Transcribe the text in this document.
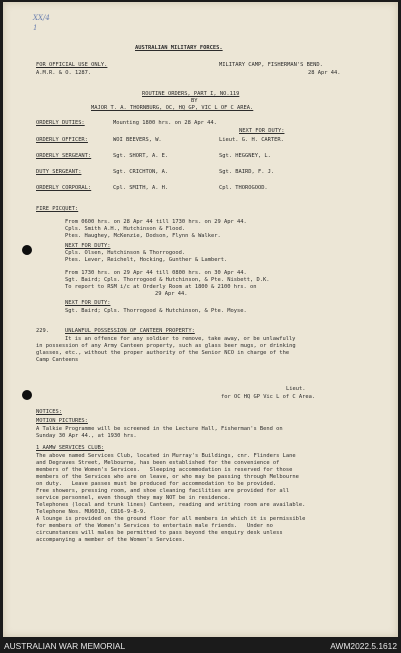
XX/4
1
AUSTRALIAN MILITARY FORCES.
FOR OFFICIAL USE ONLY.
A.M.R. & O. 1287.
MILITARY CAMP, FISHERMAN'S BEND.
28 Apr 44.
ROUTINE ORDERS, PART I, NO.119
BY
MAJOR T. A. THORNBURG, OC, HQ GP, VIC L OF C AREA.
ORDERLY DUTIES:	Mounting 1800 hrs. on 28 Apr 44.
NEXT FOR DUTY:
ORDERLY OFFICER:	WOI BEEVERS, W.	Lieut. G. H. CARTER.
ORDERLY SERGEANT:	Sgt. SHORT, A. E.	Sgt. HEGGNEY, L.
DUTY SERGEANT:	Sgt. CRICHTON, A.	Sgt. BAIRD, F. J.
ORDERLY CORPORAL:	Cpl. SMITH, A. H.	Cpl. THOROGOOD.
FIRE PICQUET:
From 0600 hrs. on 28 Apr 44 till 1730 hrs. on 29 Apr 44.
Cpls. Smith A.H., Hutchinson & Flood.
Ptes. Haughey, McKenzie, Dodson, Flynn & Walker.
NEXT FOR DUTY:
Cpls. Olsen, Hutchinson & Thorrogood.
Ptes. Lever, Reichelt, Hocking, Gunther & Lambert.
From 1730 hrs. on 29 Apr 44 till 0800 hrs. on 30 Apr 44.
Sgt. Baird; Cpls. Thorrogood & Hutchinson, & Pte. Nisbett, D.K.
To report to RSM i/c at Orderly Room at 1800 & 2100 hrs. on
29 Apr 44.
NEXT FOR DUTY:
Sgt. Baird; Cpls. Thorrogood & Hutchinson, & Pte. Moyse.
229.	UNLAWFUL POSSESSION OF CANTEEN PROPERTY:
It is an offence for any soldier to remove, take away, or be unlawfully
in possession of any Army Canteen property, such as glass beer mugs, or drinking
glasses, etc., without the proper authority of the Senior NCO in charge of the
Camp Canteens
Lieut.
for OC HQ GP Vic L of C Area.
NOTICES:
MOTION PICTURES:
A Talkie Programme will be screened in the Lecture Hall, Fisherman's Bend on
Sunday 30 Apr 44., at 1930 hrs.
1 AAMW SERVICES CLUB:
The above named Services Club, located in Murray's Buildings, cnr. Flinders Lane
and Degraves Street, Melbourne, has been established for the convenience of
members of the Women's Services.   Sleeping accommodation is reserved for those
members of the Services who are on leave, or who may be passing through Melbourne
on duty.   Leave passes must be produced for accommodation to be provided.
Free showers, pressing room, and shoe cleaning facilities are provided for all
service personnel, even though they may NOT be in residence.
Telephones (local and trunk lines) Canteen, reading and writing room are available.
Telephone Nos. MU6010, C816-9-8-9.
A lounge is provided on the ground floor for all members in which it is permissible
for members of the Women's Services to entertain male friends.   Under no
circumstances will males be permitted to pass beyond the enquiry desk unless
accompanying a member of the Women's Services.
AUSTRALIAN WAR MEMORIAL	AWM2022.5.1612
